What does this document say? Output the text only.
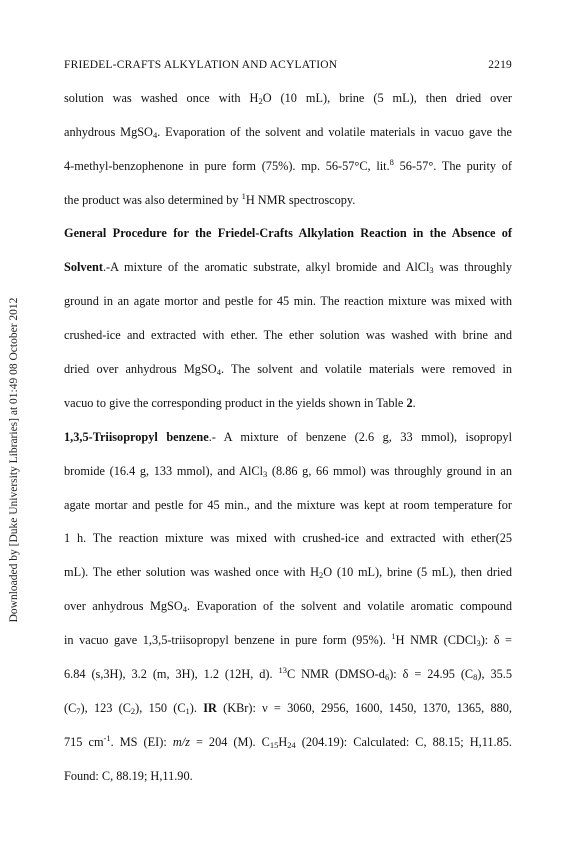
FRIEDEL-CRAFTS ALKYLATION AND ACYLATION	2219
Downloaded by [Duke University Libraries] at 01:49 08 October 2012
solution was washed once with $H_2O$ (10 mL), brine (5 mL), then dried over
anhydrous MgSO$_4$. Evaporation of the solvent and volatile materials in vacuo gave the
4-methyl-benzophenone in pure form (75%). mp. 56-57°C, lit.$^8$ 56-57°. The purity of
the product was also determined by $^1$H NMR spectroscopy.
General Procedure for the Friedel-Crafts Alkylation Reaction in the Absence of
Solvent.-A mixture of the aromatic substrate, alkyl bromide and AlCl$_3$ was throughly
ground in an agate mortor and pestle for 45 min. The reaction mixture was mixed with
crushed-ice and extracted with ether. The ether solution was washed with brine and
dried over anhydrous MgSO$_4$. The solvent and volatile materials were removed in
vacuo to give the corresponding product in the yields shown in Table 2.
1,3,5-Triisopropyl benzene.- A mixture of benzene (2.6 g, 33 mmol), isopropyl
bromide (16.4 g, 133 mmol), and AlCl$_3$ (8.86 g, 66 mmol) was throughly ground in an
agate mortar and pestle for 45 min., and the mixture was kept at room temperature for
1 h. The reaction mixture was mixed with crushed-ice and extracted with ether(25
mL). The ether solution was washed once with $H_2O$ (10 mL), brine (5 mL), then dried
over anhydrous MgSO$_4$. Evaporation of the solvent and volatile aromatic compound
in vacuo gave 1,3,5-triisopropyl benzene in pure form (95%). $^1$H NMR (CDCl$_3$): δ =
6.84 (s,3H), 3.2 (m, 3H), 1.2 (12H, d). $^{13}$C NMR $(DMSO-d_6)$: δ = 24.95 $(C_8)$, 35.5
$(C_7)$, 123 $(C_2)$, 150 $(C_1)$. IR (KBr): ν = 3060, 2956, 1600, 1450, 1370, 1365, 880,
715 $cm^{-1}$. MS (EI): m/z = 204 (M). $C_{15}H_{24}$ (204.19): Calculated: C, 88.15; H,11.85.
Found: C, 88.19; H,11.90.
